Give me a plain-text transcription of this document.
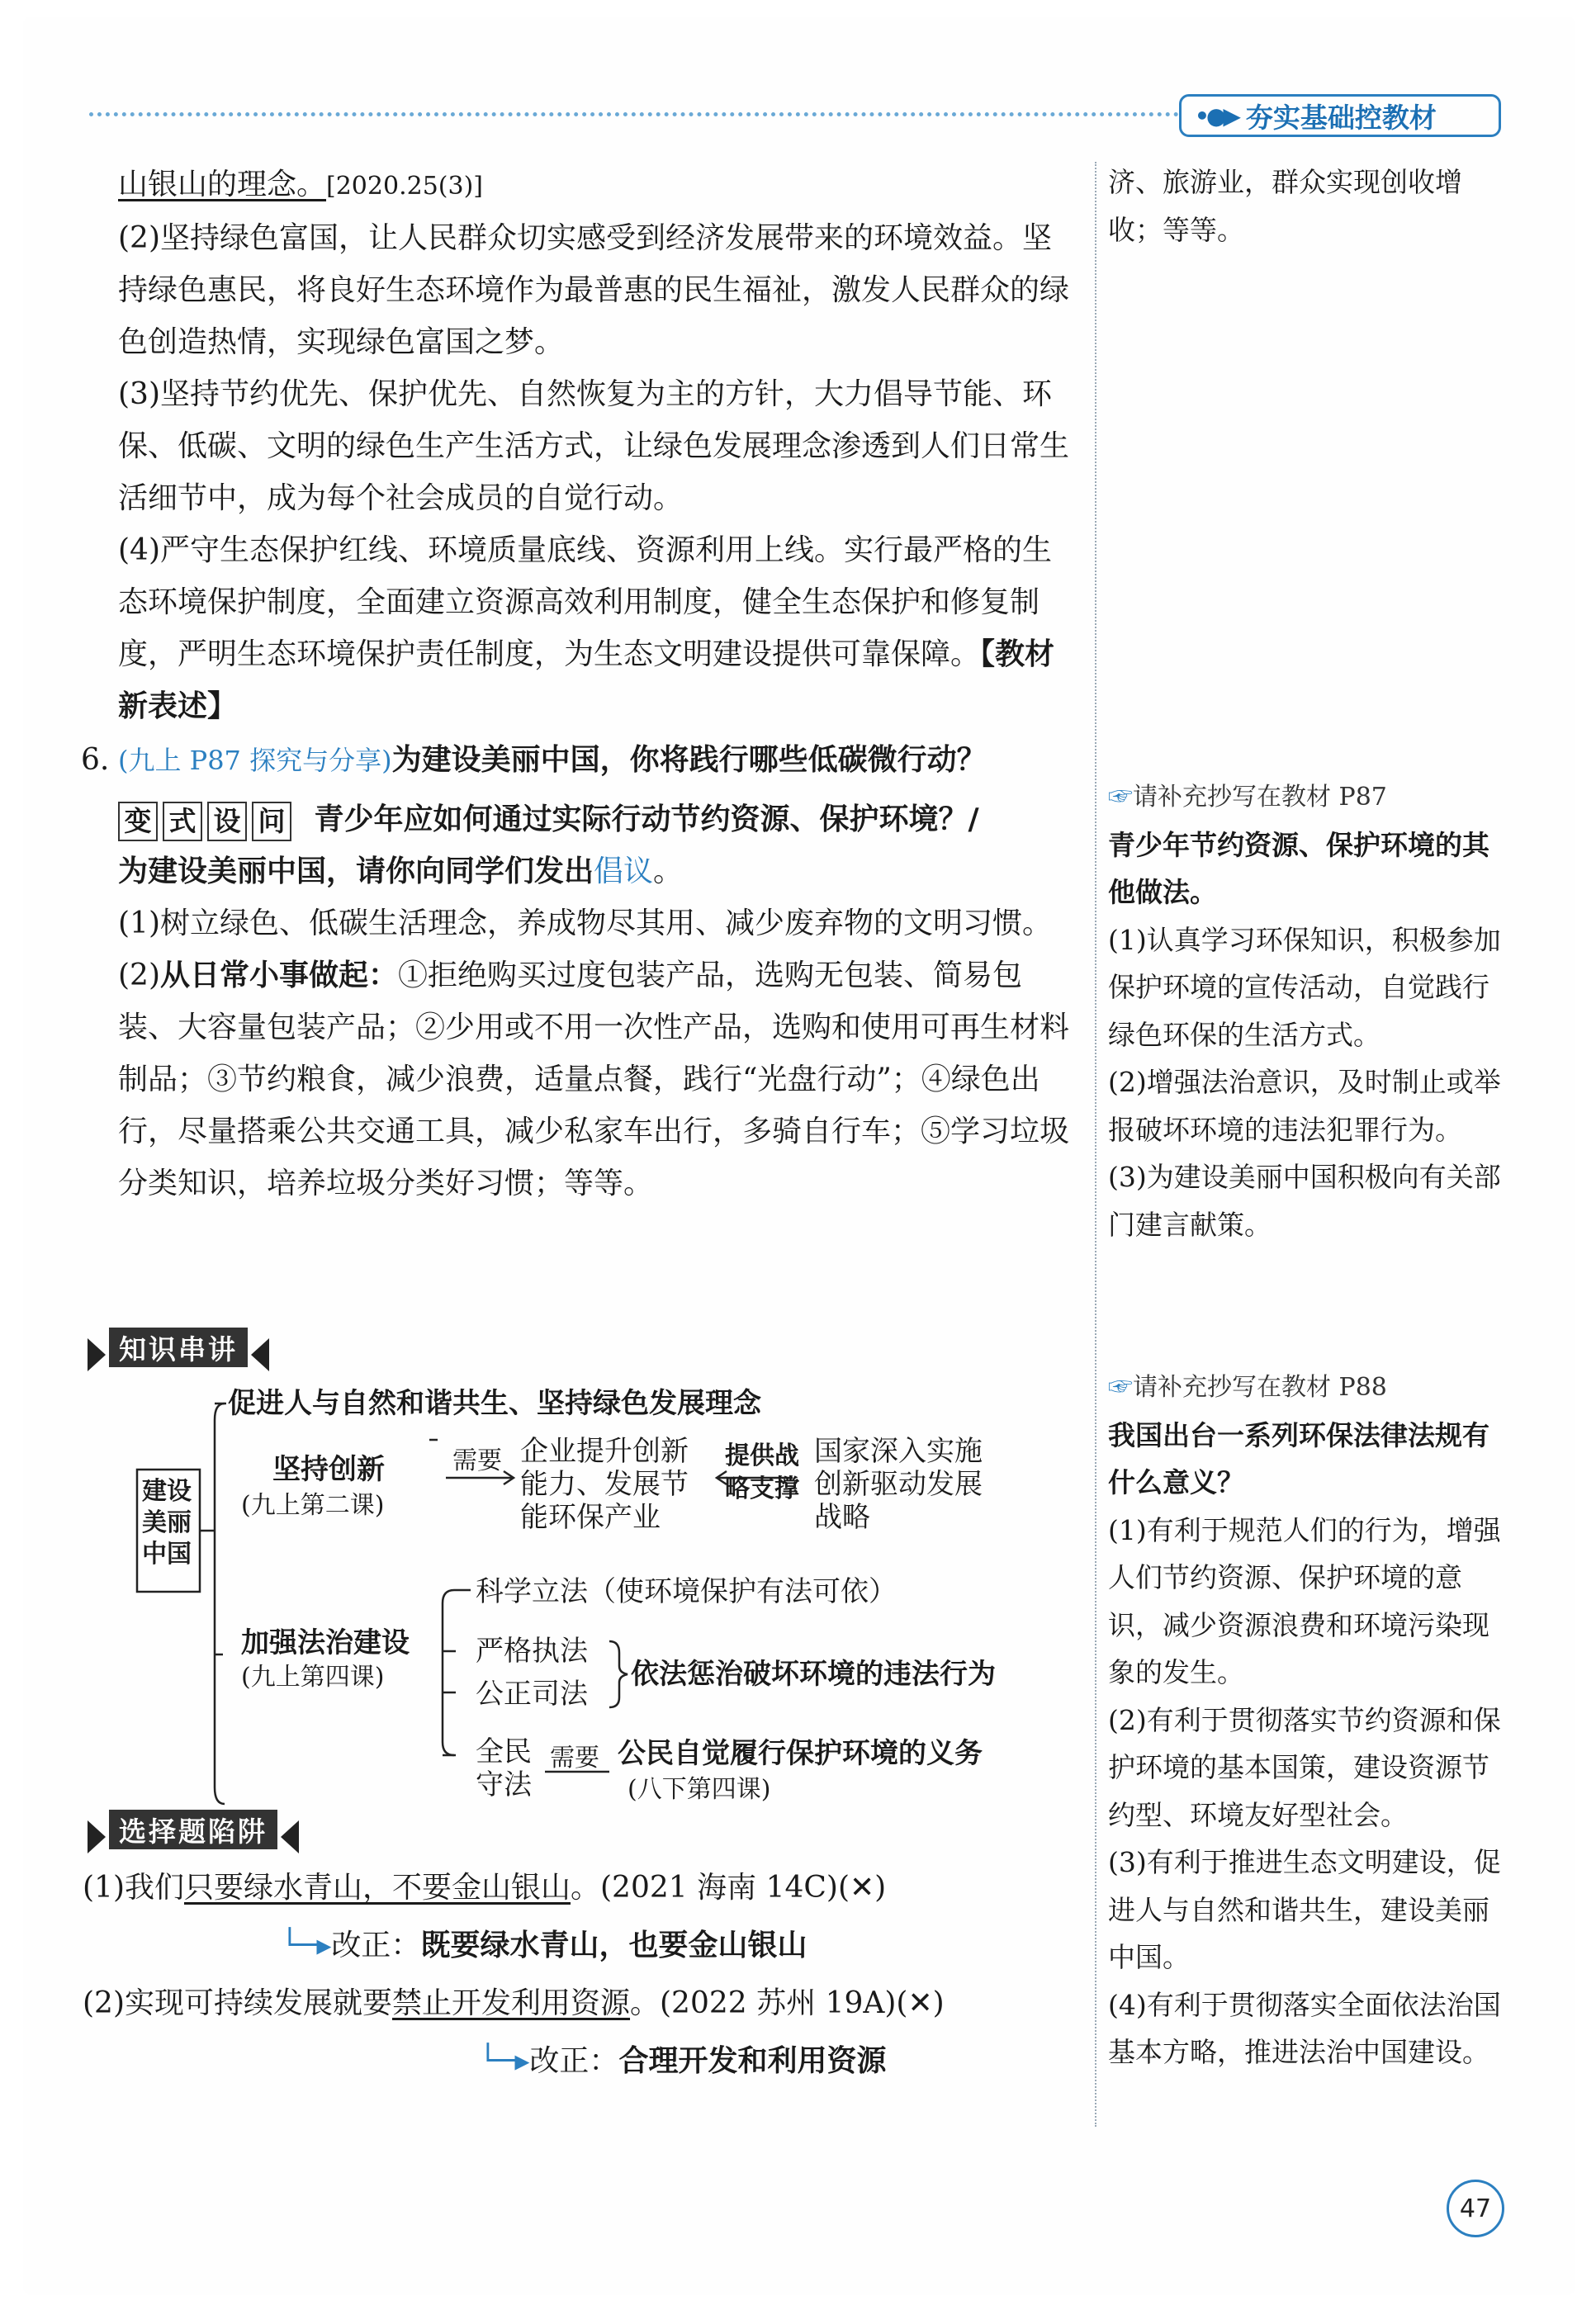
•●▶ 夯实基础控教材

山银山的理念。[2020.25(3)]

(2)坚持绿色富国，让人民群众切实感受到经济发展带来的环境效益。坚持绿色惠民，将良好生态环境作为最普惠的民生福祉，激发人民群众的绿色创造热情，实现绿色富国之梦。

(3)坚持节约优先、保护优先、自然恢复为主的方针，大力倡导节能、环保、低碳、文明的绿色生产生活方式，让绿色发展理念渗透到人们日常生活细节中，成为每个社会成员的自觉行动。

(4)严守生态保护红线、环境质量底线、资源利用上线。实行最严格的生态环境保护制度，全面建立资源高效利用制度，健全生态保护和修复制度，严明生态环境保护责任制度，为生态文明建设提供可靠保障。【教材新表述】

6. (九上 P87 探究与分享)为建设美丽中国，你将践行哪些低碳微行动？

变 式 设 问 青少年应如何通过实际行动节约资源、保护环境？/

为建设美丽中国，请你向同学们发出倡议。

(1)树立绿色、低碳生活理念，养成物尽其用、减少废弃物的文明习惯。

(2)从日常小事做起：①拒绝购买过度包装产品，选购无包装、简易包装、大容量包装产品；②少用或不用一次性产品，选购和使用可再生材料制品；③节约粮食，减少浪费，适量点餐，践行“光盘行动”；④绿色出行，尽量搭乘公共交通工具，减少私家车出行，多骑自行车；⑤学习垃圾分类知识，培养垃圾分类好习惯；等等。

知识串讲
建设美丽中国
促进人与自然和谐共生、坚持绿色发展理念
坚持创新
(九上第二课)
需要 企业提升创新能力、发展节能环保产业
提供战略支撑
国家深入实施创新驱动发展战略
加强法治建设
(九上第四课)
科学立法（使环境保护有法可依）
严格执法
公正司法
依法惩治破坏环境的违法行为
全民守法
需要 公民自觉履行保护环境的义务
(八下第四课)
选择题陷阱

(1)我们只要绿水青山，不要金山银山。(2021 海南 14C)(✕)

└─▸改正：既要绿水青山，也要金山银山

(2)实现可持续发展就要禁止开发利用资源。(2022 苏州 19A)(✕)

└─▸改正：合理开发和利用资源

济、旅游业，群众实现创收增收；等等。

☞请补充抄写在教材 P87

青少年节约资源、保护环境的其他做法。

(1)认真学习环保知识，积极参加保护环境的宣传活动，自觉践行绿色环保的生活方式。

(2)增强法治意识，及时制止或举报破坏环境的违法犯罪行为。

(3)为建设美丽中国积极向有关部门建言献策。

☞请补充抄写在教材 P88

我国出台一系列环保法律法规有什么意义？

(1)有利于规范人们的行为，增强人们节约资源、保护环境的意识，减少资源浪费和环境污染现象的发生。

(2)有利于贯彻落实节约资源和保护环境的基本国策，建设资源节约型、环境友好型社会。

(3)有利于推进生态文明建设，促进人与自然和谐共生，建设美丽中国。

(4)有利于贯彻落实全面依法治国基本方略，推进法治中国建设。

47
